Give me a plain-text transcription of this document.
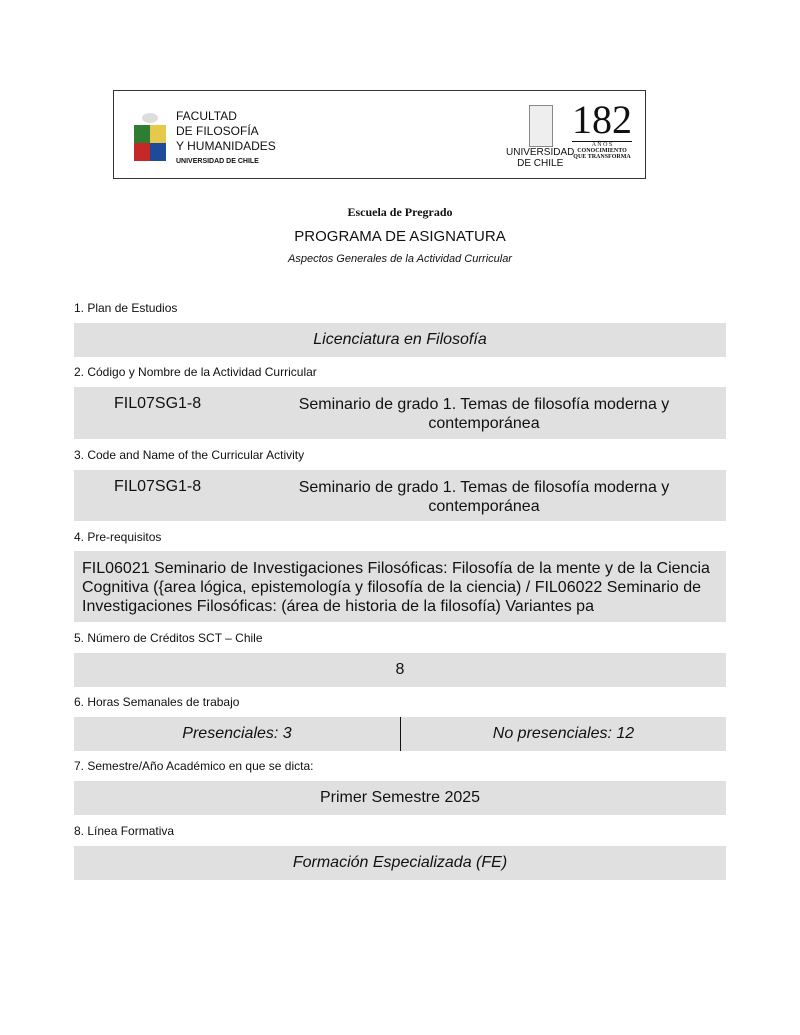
FACULTAD
DE FILOSOFÍA
Y HUMANIDADES
UNIVERSIDAD DE CHILE
UNIVERSIDAD
DE CHILE
182
A Ñ O S
CONOCIMIENTO
QUE TRANSFORMA
Escuela de Pregrado
PROGRAMA DE ASIGNATURA
Aspectos Generales de la Actividad Curricular
1. Plan de Estudios
Licenciatura en Filosofía
2. Código y Nombre de la Actividad Curricular
FIL07SG1-8	Seminario de grado 1. Temas de filosofía moderna y contemporánea
3. Code and Name of the Curricular Activity
FIL07SG1-8	Seminario de grado 1. Temas de filosofía moderna y contemporánea
4. Pre-requisitos
FIL06021 Seminario de Investigaciones Filosóficas: Filosofía de la mente y de la Ciencia Cognitiva ({area lógica, epistemología y filosofía de la ciencia) / FIL06022 Seminario de Investigaciones Filosóficas: (área de historia de la filosofía) Variantes pa
5. Número de Créditos SCT – Chile
8
6. Horas Semanales de trabajo
Presenciales: 3	No presenciales: 12
7. Semestre/Año Académico en que se dicta:
Primer Semestre 2025
8. Línea Formativa
Formación Especializada (FE)
